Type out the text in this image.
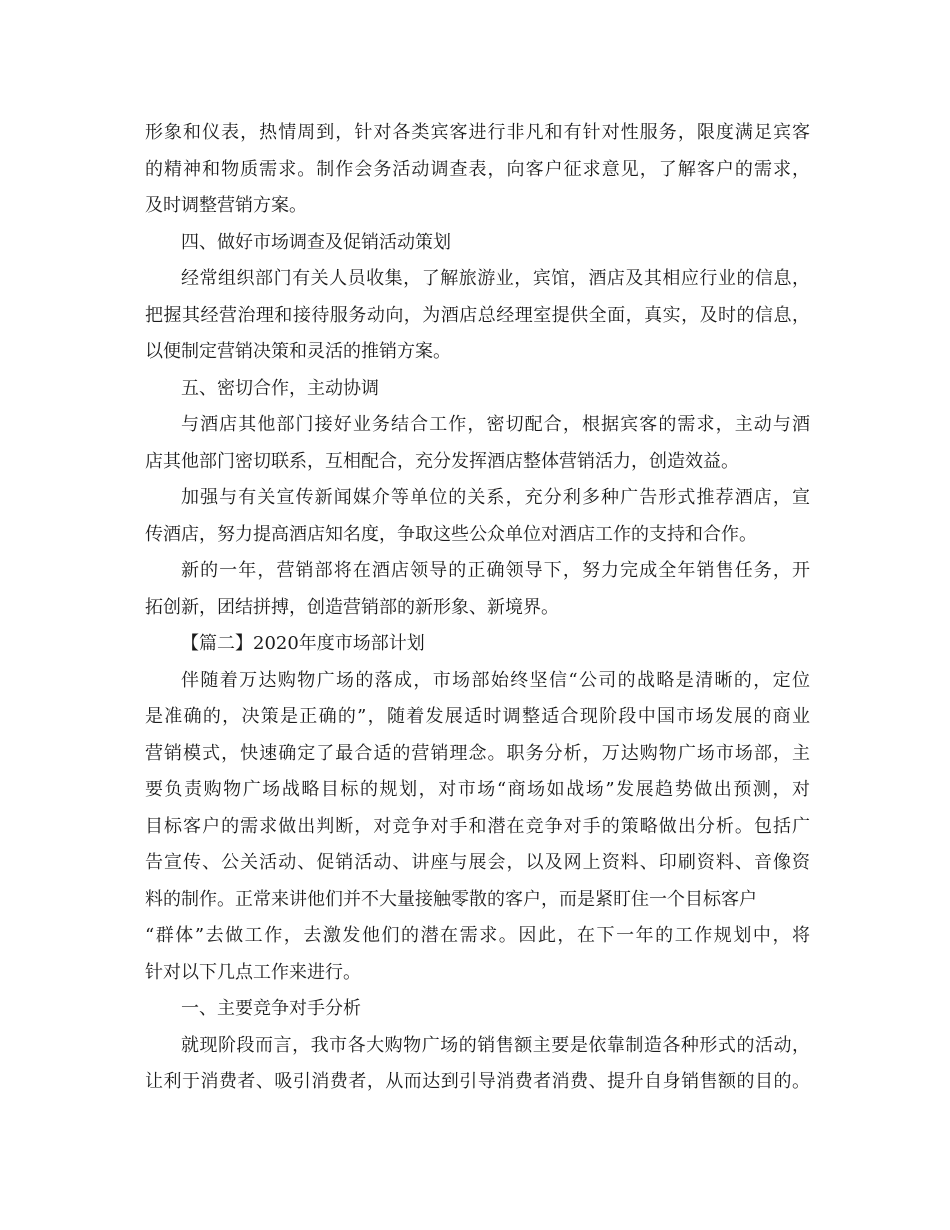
形象和仪表，热情周到，针对各类宾客进行非凡和有针对性服务，限度满足宾客
的精神和物质需求。制作会务活动调查表，向客户征求意见，了解客户的需求，
及时调整营销方案。
四、做好市场调查及促销活动策划
经常组织部门有关人员收集，了解旅游业，宾馆，酒店及其相应行业的信息，
把握其经营治理和接待服务动向，为酒店总经理室提供全面，真实，及时的信息，
以便制定营销决策和灵活的推销方案。
五、密切合作，主动协调
与酒店其他部门接好业务结合工作，密切配合，根据宾客的需求，主动与酒
店其他部门密切联系，互相配合，充分发挥酒店整体营销活力，创造效益。
加强与有关宣传新闻媒介等单位的关系，充分利多种广告形式推荐酒店，宣
传酒店，努力提高酒店知名度，争取这些公众单位对酒店工作的支持和合作。
新的一年，营销部将在酒店领导的正确领导下，努力完成全年销售任务，开
拓创新，团结拼搏，创造营销部的新形象、新境界。
【篇二】2020年度市场部计划
伴随着万达购物广场的落成，市场部始终坚信“公司的战略是清晰的，定位
是准确的，决策是正确的”，随着发展适时调整适合现阶段中国市场发展的商业
营销模式，快速确定了最合适的营销理念。职务分析，万达购物广场市场部，主
要负责购物广场战略目标的规划，对市场“商场如战场”发展趋势做出预测，对
目标客户的需求做出判断，对竞争对手和潜在竞争对手的策略做出分析。包括广
告宣传、公关活动、促销活动、讲座与展会，以及网上资料、印刷资料、音像资
料的制作。正常来讲他们并不大量接触零散的客户，而是紧盯住一个目标客户
“群体”去做工作，去激发他们的潜在需求。因此，在下一年的工作规划中，将
针对以下几点工作来进行。
一、主要竞争对手分析
就现阶段而言，我市各大购物广场的销售额主要是依靠制造各种形式的活动，
让利于消费者、吸引消费者，从而达到引导消费者消费、提升自身销售额的目的。
